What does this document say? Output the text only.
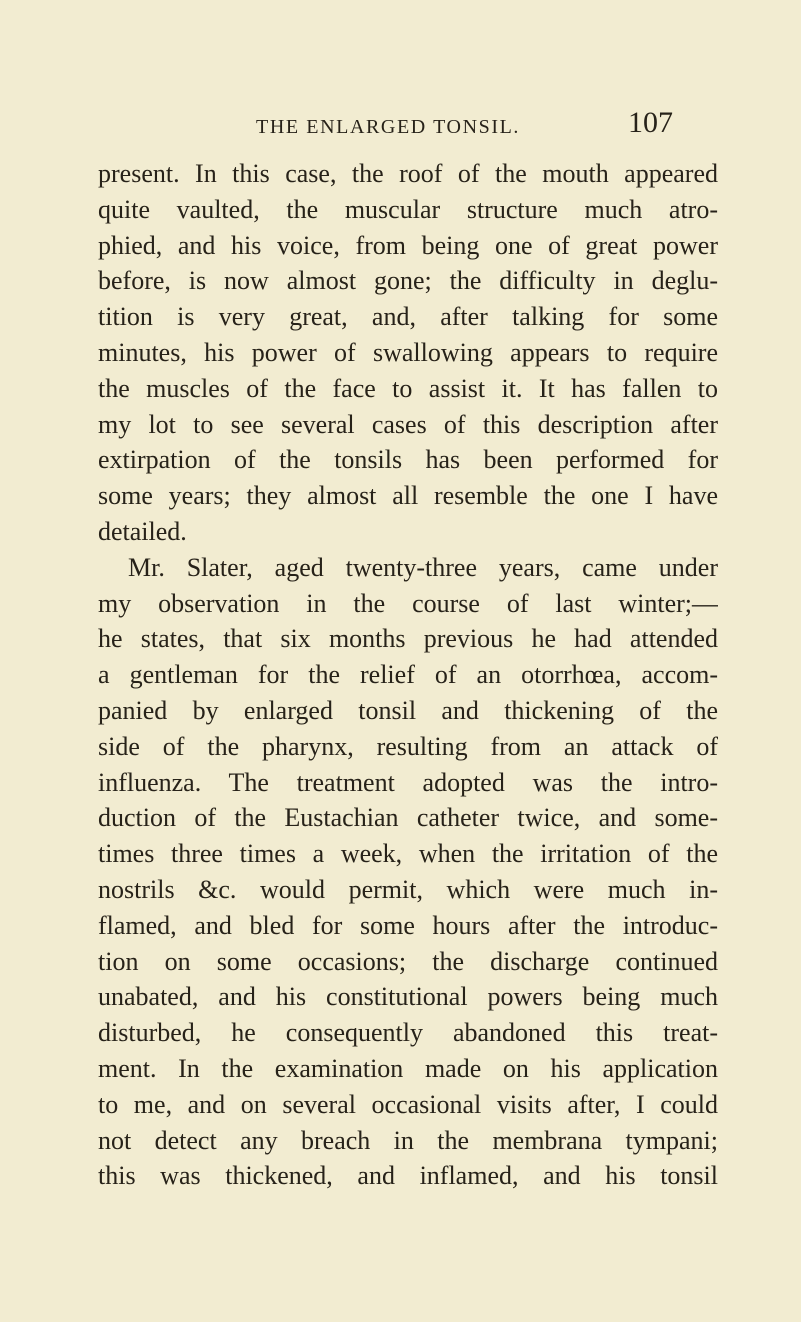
THE ENLARGED TONSIL.	107
present. In this case, the roof of the mouth appeared
quite vaulted, the muscular structure much atro-
phied, and his voice, from being one of great power
before, is now almost gone; the difficulty in deglu-
tition is very great, and, after talking for some
minutes, his power of swallowing appears to require
the muscles of the face to assist it. It has fallen to
my lot to see several cases of this description after
extirpation of the tonsils has been performed for
some years; they almost all resemble the one I have
detailed.
Mr. Slater, aged twenty-three years, came under
my observation in the course of last winter;—
he states, that six months previous he had attended
a gentleman for the relief of an otorrhœa, accom-
panied by enlarged tonsil and thickening of the
side of the pharynx, resulting from an attack of
influenza. The treatment adopted was the intro-
duction of the Eustachian catheter twice, and some-
times three times a week, when the irritation of the
nostrils &c. would permit, which were much in-
flamed, and bled for some hours after the introduc-
tion on some occasions; the discharge continued
unabated, and his constitutional powers being much
disturbed, he consequently abandoned this treat-
ment. In the examination made on his application
to me, and on several occasional visits after, I could
not detect any breach in the membrana tympani;
this was thickened, and inflamed, and his tonsil
